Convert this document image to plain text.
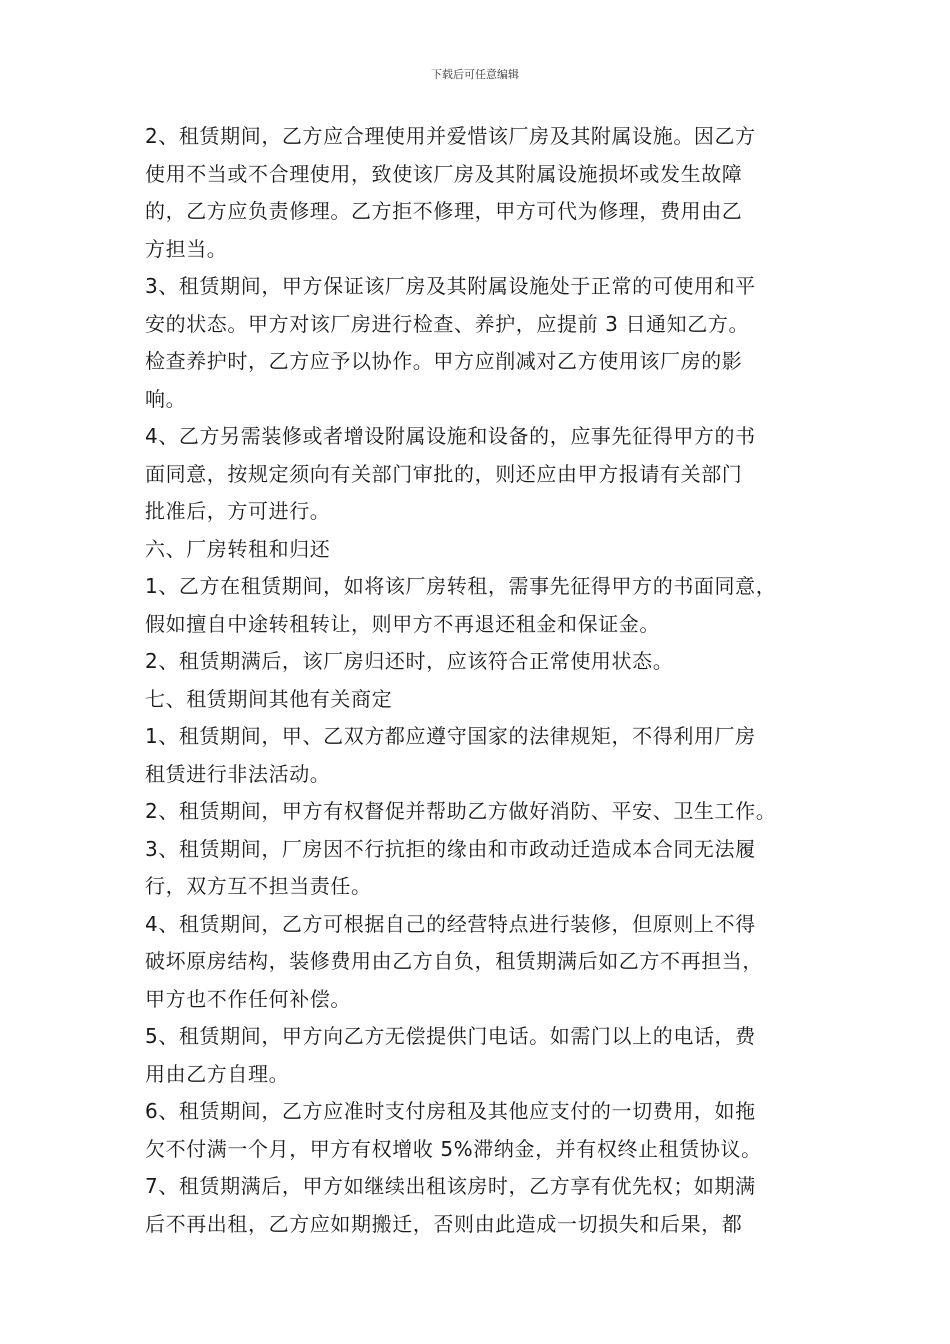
下载后可任意编辑

2、租赁期间，乙方应合理使用并爱惜该厂房及其附属设施。因乙方

使用不当或不合理使用，致使该厂房及其附属设施损坏或发生故障

的，乙方应负责修理。乙方拒不修理，甲方可代为修理，费用由乙

方担当。

3、租赁期间，甲方保证该厂房及其附属设施处于正常的可使用和平

安的状态。甲方对该厂房进行检查、养护，应提前 3 日通知乙方。

检查养护时，乙方应予以协作。甲方应削减对乙方使用该厂房的影

响。

4、乙方另需装修或者增设附属设施和设备的，应事先征得甲方的书

面同意，按规定须向有关部门审批的，则还应由甲方报请有关部门

批准后，方可进行。

六、厂房转租和归还

1、乙方在租赁期间，如将该厂房转租，需事先征得甲方的书面同意，

假如擅自中途转租转让，则甲方不再退还租金和保证金。

2、租赁期满后，该厂房归还时，应该符合正常使用状态。

七、租赁期间其他有关商定

1、租赁期间，甲、乙双方都应遵守国家的法律规矩，不得利用厂房

租赁进行非法活动。

2、租赁期间，甲方有权督促并帮助乙方做好消防、平安、卫生工作。

3、租赁期间，厂房因不行抗拒的缘由和市政动迁造成本合同无法履

行，双方互不担当责任。

4、租赁期间，乙方可根据自己的经营特点进行装修，但原则上不得

破坏原房结构，装修费用由乙方自负，租赁期满后如乙方不再担当，

甲方也不作任何补偿。

5、租赁期间，甲方向乙方无偿提供门电话。如需门以上的电话，费

用由乙方自理。

6、租赁期间，乙方应准时支付房租及其他应支付的一切费用，如拖

欠不付满一个月，甲方有权增收 5%滞纳金，并有权终止租赁协议。

7、租赁期满后，甲方如继续出租该房时，乙方享有优先权；如期满

后不再出租，乙方应如期搬迁，否则由此造成一切损失和后果，都
